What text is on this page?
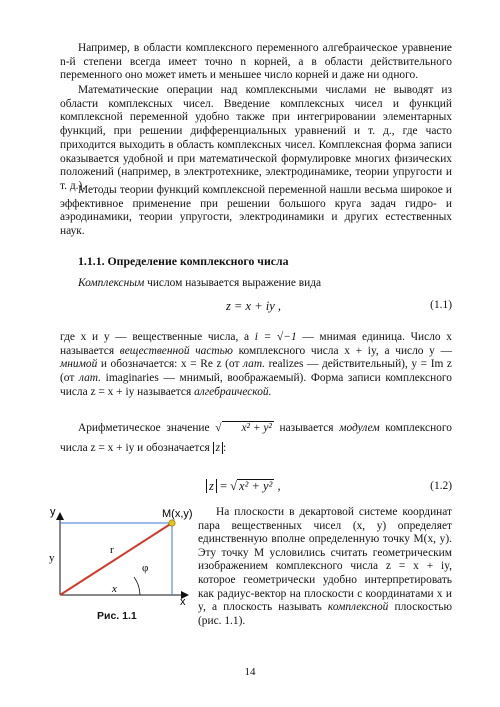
Например, в области комплексного переменного алгебраическое уравнение n-й степени всегда имеет точно n корней, а в области действительного переменного оно может иметь и меньшее число корней и даже ни одного.

Математические операции над комплексными числами не выводят из области комплексных чисел. Введение комплексных чисел и функций комплексной переменной удобно также при интегрировании элементарных функций, при решении дифференциальных уравнений и т. д., где часто приходится выходить в область комплексных чисел. Комплексная форма записи оказывается удобной и при математической формулировке многих физических положений (например, в электротехнике, электродинамике, теории упругости и т. д.).

Методы теории функций комплексной переменной нашли весьма широкое и эффективное применение при решении большого круга задач гидро- и аэродинамики, теории упругости, электродинамики и других естественных наук.

1.1.1. Определение комплексного числа
Комплексным числом называется выражение вида
z = x + iy ,	(1.1)

где x и y — вещественные числа, а i = √−1 — мнимая единица. Число x называется вещественной частью комплексного числа x + iy, а число y — мнимой и обозначается: x = Re z (от лат. realizes — действительный), y = Im z (от лат. imaginaries — мнимый, воображаемый). Форма записи комплексного числа z = x + iy называется алгебраической.

Арифметическое значение √ x² + y² называется модулем комплексного числа z = x + iy и обозначается z :

z = √ x² + y² ,	(1.2)
y
x
y
x
r
φ
M(x,y)
Рис. 1.1

На плоскости в декартовой системе координат пара вещественных чисел (x, y) определяет единственную вполне определенную точку M(x, y). Эту точку M условились считать геометрическим изображением комплексного числа z = x + iy, которое геометрически удобно интерпретировать как радиус-вектор на плоскости с координатами x и y, а плоскость называть комплексной плоскостью (рис. 1.1).

14
